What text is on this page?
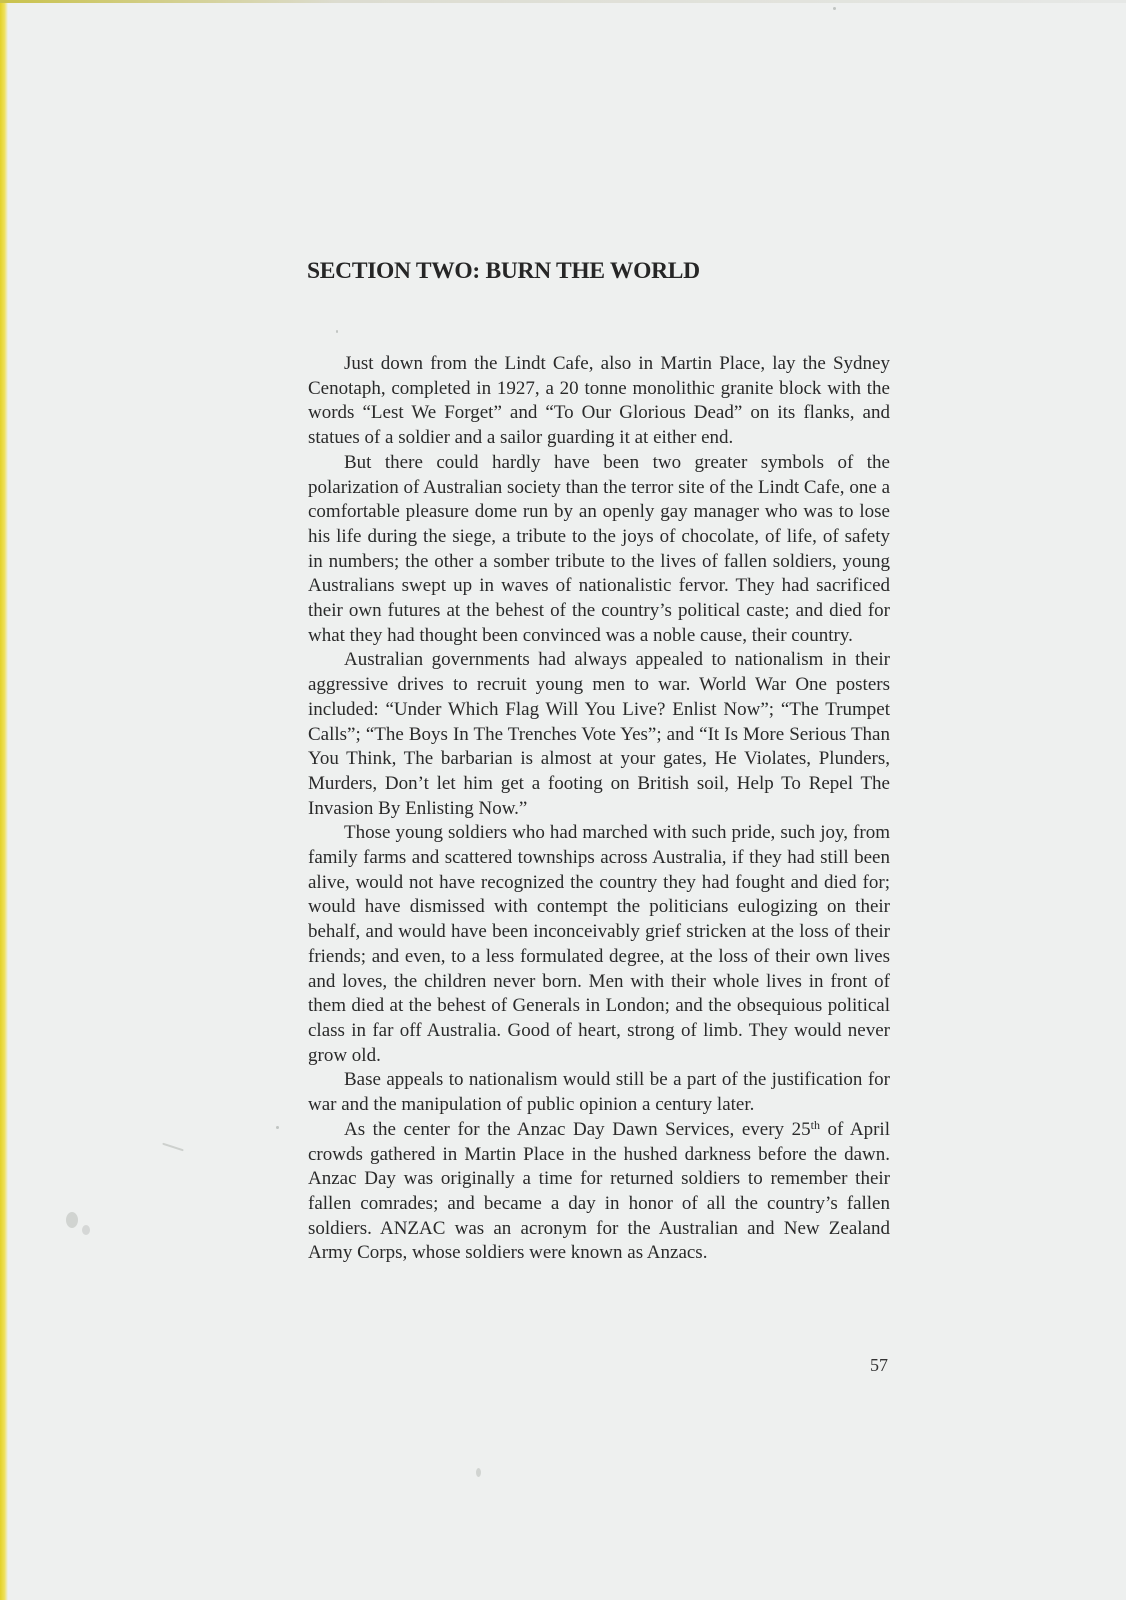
SECTION TWO: BURN THE WORLD

Just down from the Lindt Cafe, also in Martin Place, lay the Sydney Cenotaph, completed in 1927, a 20 tonne monolithic granite block with the words “Lest We Forget” and “To Our Glorious Dead” on its flanks, and statues of a soldier and a sailor guarding it at either end.

But there could hardly have been two greater symbols of the polarization of Australian society than the terror site of the Lindt Cafe, one a comfortable pleasure dome run by an openly gay manager who was to lose his life during the siege, a tribute to the joys of chocolate, of life, of safety in numbers; the other a somber tribute to the lives of fallen soldiers, young Australians swept up in waves of nationalistic fervor. They had sacrificed their own futures at the behest of the country’s political caste; and died for what they had thought been convinced was a noble cause, their country.

Australian governments had always appealed to nationalism in their aggressive drives to recruit young men to war. World War One posters included: “Under Which Flag Will You Live? Enlist Now”; “The Trumpet Calls”; “The Boys In The Trenches Vote Yes”; and “It Is More Serious Than You Think, The barbarian is almost at your gates, He Violates, Plunders, Murders, Don’t let him get a footing on British soil, Help To Repel The Invasion By Enlisting Now.”

Those young soldiers who had marched with such pride, such joy, from family farms and scattered townships across Australia, if they had still been alive, would not have recognized the country they had fought and died for; would have dismissed with contempt the politicians eulogizing on their behalf, and would have been inconceivably grief stricken at the loss of their friends; and even, to a less formulated degree, at the loss of their own lives and loves, the children never born. Men with their whole lives in front of them died at the behest of Generals in London; and the obsequious political class in far off Australia. Good of heart, strong of limb. They would never grow old.

Base appeals to nationalism would still be a part of the justification for war and the manipulation of public opinion a century later.

As the center for the Anzac Day Dawn Services, every 25th of April crowds gathered in Martin Place in the hushed darkness before the dawn. Anzac Day was originally a time for returned soldiers to remember their fallen comrades; and became a day in honor of all the country’s fallen soldiers. ANZAC was an acronym for the Australian and New Zealand Army Corps, whose soldiers were known as Anzacs.

57
